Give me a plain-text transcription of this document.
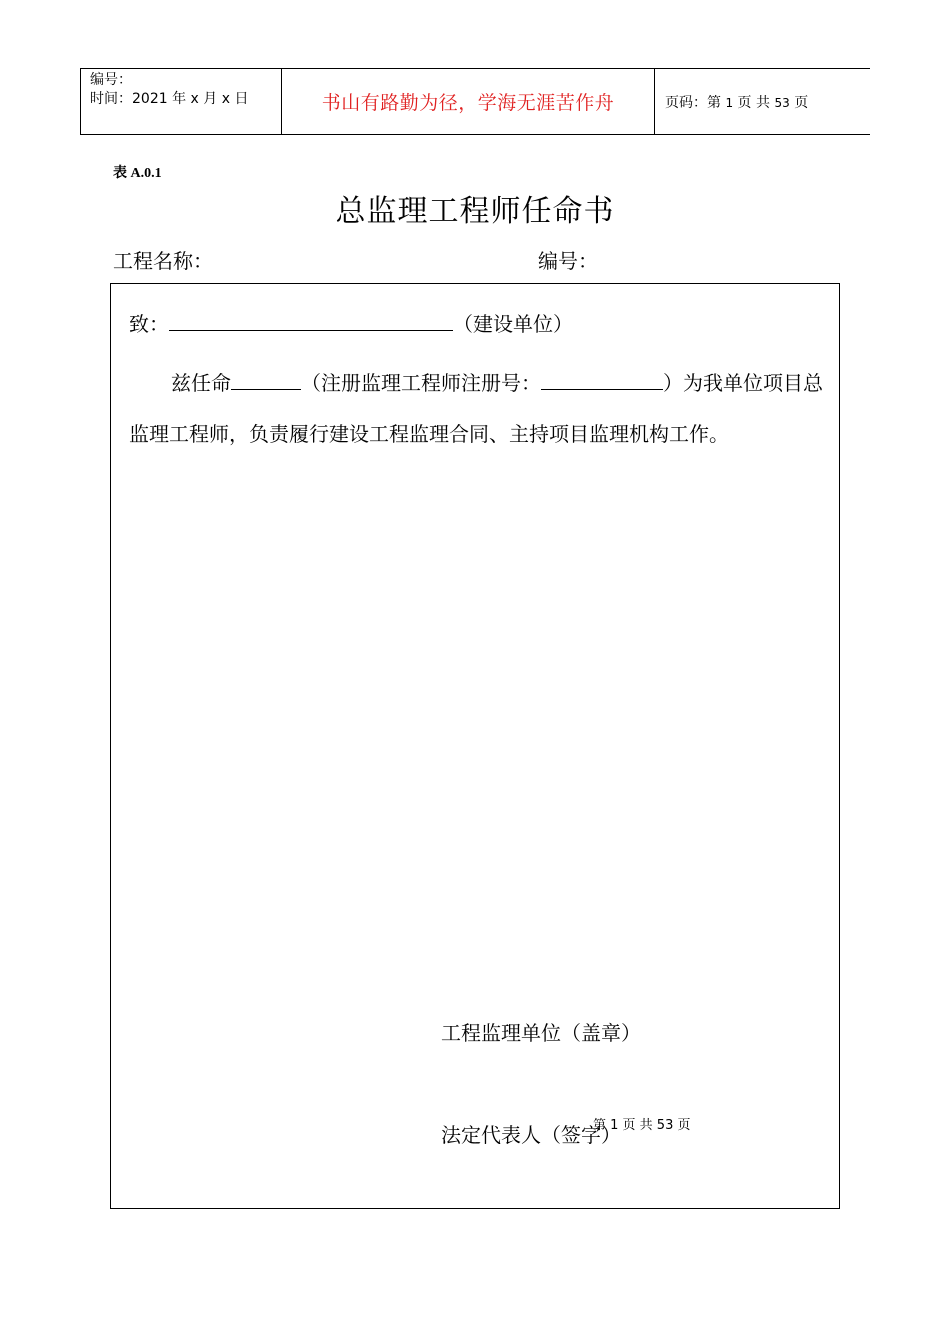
编号：
时间：2021 年 x 月 x 日	书山有路勤为径，学海无涯苦作舟	页码：第 1 页 共 53 页
表 A.0.1
总监理工程师任命书
工程名称：	编号：
致：	（建设单位）
兹任命	（注册监理工程师注册号：	）为我单位项目总监理工程师，负责履行建设工程监理合同、主持项目监理机构工作。
工程监理单位（盖章）
法定代表人（签字）
第 1 页 共 53 页
